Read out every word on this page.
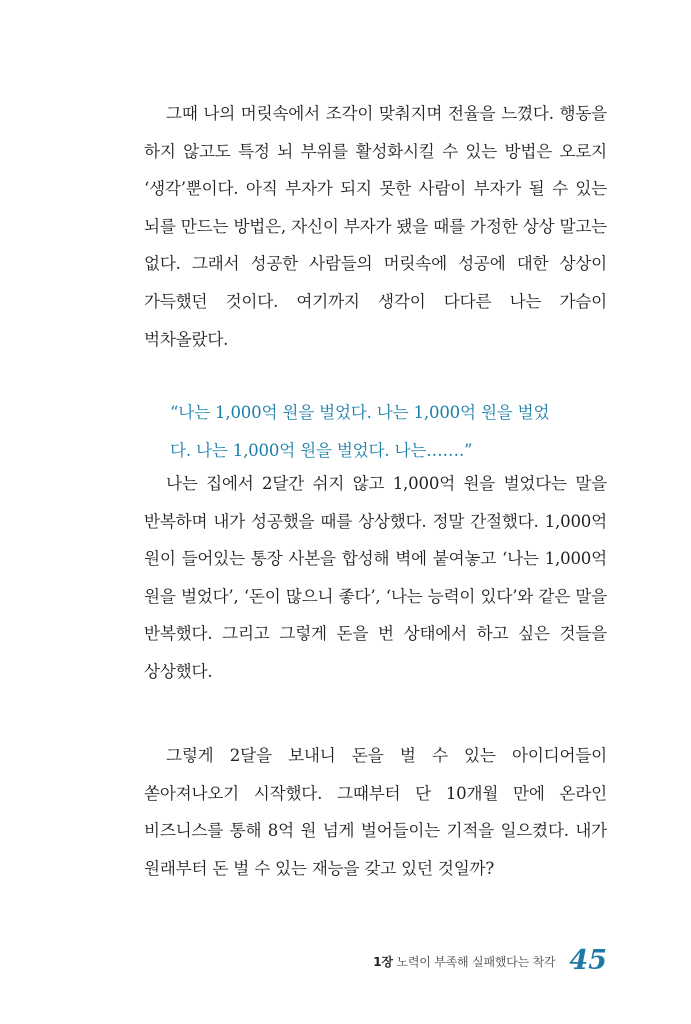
그때 나의 머릿속에서 조각이 맞춰지며 전율을 느꼈다. 행동을 하지 않고도 특정 뇌 부위를 활성화시킬 수 있는 방법은 오로지 ‘생각’뿐이다. 아직 부자가 되지 못한 사람이 부자가 될 수 있는 뇌를 만드는 방법은, 자신이 부자가 됐을 때를 가정한 상상 말고는 없다. 그래서 성공한 사람들의 머릿속에 성공에 대한 상상이 가득했던 것이다. 여기까지 생각이 다다른 나는 가슴이 벅차올랐다.

“나는 1,000억 원을 벌었다. 나는 1,000억 원을 벌었

다. 나는 1,000억 원을 벌었다. 나는…….”

나는 집에서 2달간 쉬지 않고 1,000억 원을 벌었다는 말을 반복하며 내가 성공했을 때를 상상했다. 정말 간절했다. 1,000억 원이 들어있는 통장 사본을 합성해 벽에 붙여놓고 ‘나는 1,000억 원을 벌었다’, ‘돈이 많으니 좋다’, ‘나는 능력이 있다’와 같은 말을 반복했다. 그리고 그렇게 돈을 번 상태에서 하고 싶은 것들을 상상했다.

그렇게 2달을 보내니 돈을 벌 수 있는 아이디어들이 쏟아져나오기 시작했다. 그때부터 단 10개월 만에 온라인 비즈니스를 통해 8억 원 넘게 벌어들이는 기적을 일으켰다. 내가 원래부터 돈 벌 수 있는 재능을 갖고 있던 것일까?

1장 노력이 부족해 실패했다는 착각 45
